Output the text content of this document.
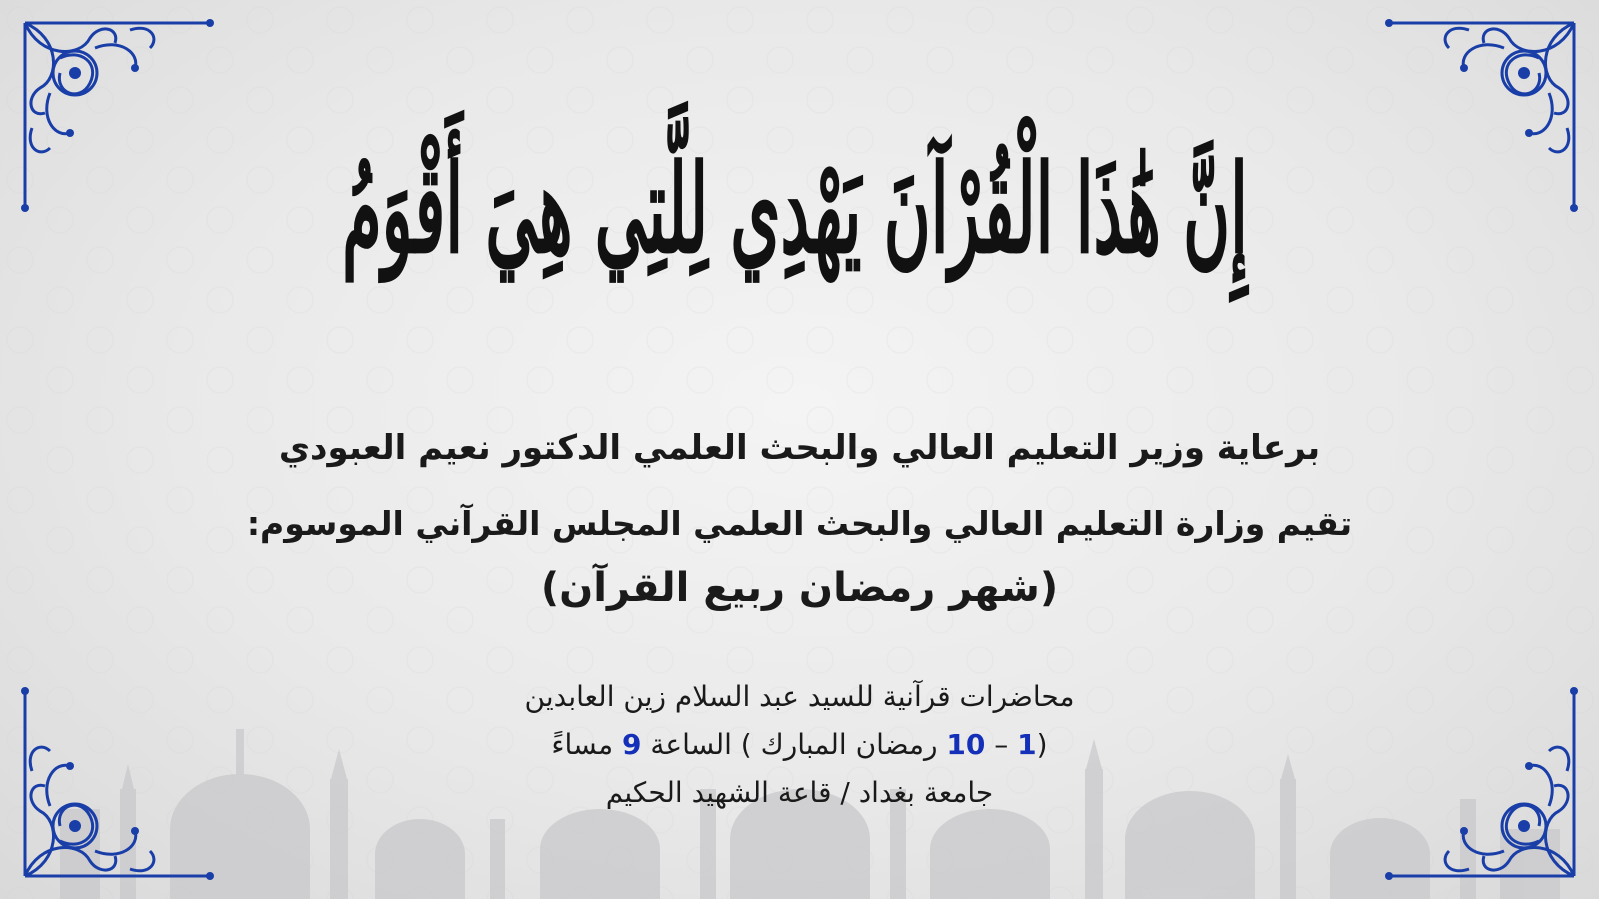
إِنَّ هَٰذَا الْقُرْآنَ يَهْدِي لِلَّتِي هِيَ أَقْوَمُ
برعاية وزير التعليم العالي والبحث العلمي الدكتور نعيم العبودي
تقيم وزارة التعليم العالي والبحث العلمي المجلس القرآني الموسوم:
(شهر رمضان ربيع القرآن)
محاضرات قرآنية للسيد عبد السلام زين العابدين
(1 – 10 رمضان المبارك ) الساعة 9 مساءً
جامعة بغداد / قاعة الشهيد الحكيم
